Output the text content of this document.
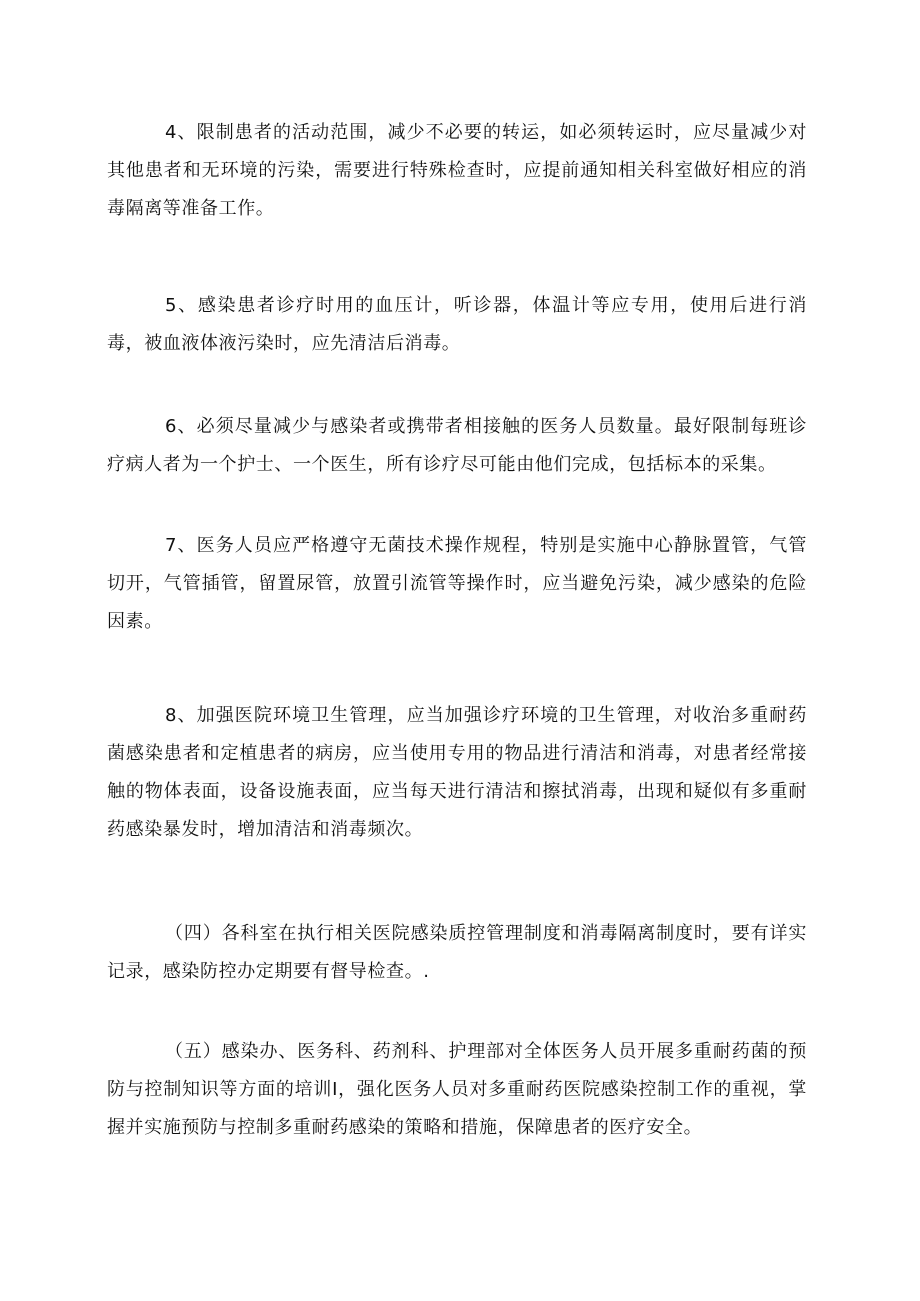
4、限制患者的活动范围，减少不必要的转运，如必须转运时，应尽量减少对其他患者和无环境的污染，需要进行特殊检查时，应提前通知相关科室做好相应的消毒隔离等准备工作。

5、感染患者诊疗时用的血压计，听诊器，体温计等应专用，使用后进行消毒，被血液体液污染时，应先清洁后消毒。

6、必须尽量减少与感染者或携带者相接触的医务人员数量。最好限制每班诊疗病人者为一个护士、一个医生，所有诊疗尽可能由他们完成，包括标本的采集。

7、医务人员应严格遵守无菌技术操作规程，特别是实施中心静脉置管，气管切开，气管插管，留置尿管，放置引流管等操作时，应当避免污染，减少感染的危险因素。

8、加强医院环境卫生管理，应当加强诊疗环境的卫生管理，对收治多重耐药菌感染患者和定植患者的病房，应当使用专用的物品进行清洁和消毒，对患者经常接触的物体表面，设备设施表面，应当每天进行清洁和擦拭消毒，出现和疑似有多重耐药感染暴发时，增加清洁和消毒频次。

（四）各科室在执行相关医院感染质控管理制度和消毒隔离制度时，要有详实记录，感染防控办定期要有督导检查。.

（五）感染办、医务科、药剂科、护理部对全体医务人员开展多重耐药菌的预防与控制知识等方面的培训I，强化医务人员对多重耐药医院感染控制工作的重视，掌握并实施预防与控制多重耐药感染的策略和措施，保障患者的医疗安全。
